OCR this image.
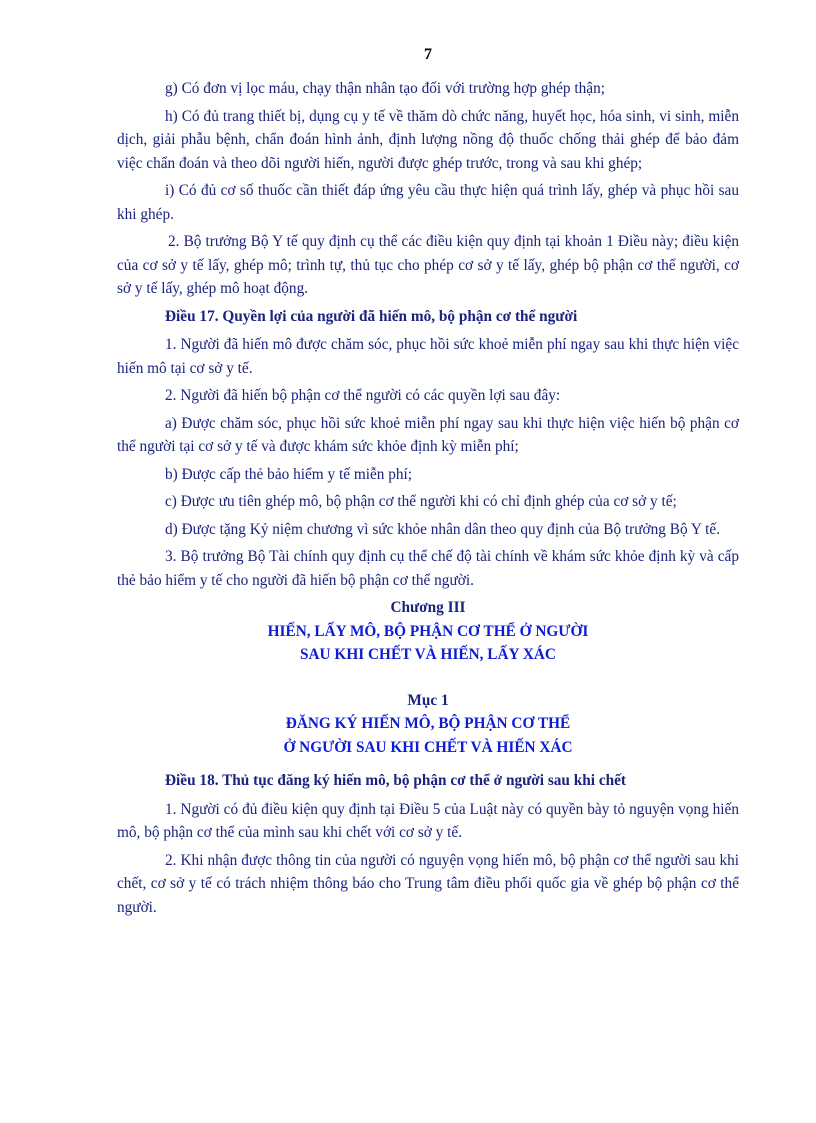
7

g) Có đơn vị lọc máu, chạy thận nhân tạo đối với trường hợp ghép thận;

h) Có đủ trang thiết bị, dụng cụ y tế về thăm dò chức năng, huyết học, hóa sinh, vi sinh, miễn dịch, giải phẫu bệnh, chẩn đoán hình ảnh, định lượng nồng độ thuốc chống thải ghép để bảo đảm việc chẩn đoán và theo dõi người hiến, người được ghép trước, trong và sau khi ghép;

i) Có đủ cơ số thuốc cần thiết đáp ứng yêu cầu thực hiện quá trình lấy, ghép và phục hồi sau khi ghép.

2. Bộ trưởng Bộ Y tế quy định cụ thể các điều kiện quy định tại khoản 1 Điều này; điều kiện của cơ sở y tế lấy, ghép mô; trình tự, thủ tục cho phép cơ sở y tế lấy, ghép bộ phận cơ thể người, cơ sở y tế lấy, ghép mô hoạt động.

Điều 17. Quyền lợi của người đã hiến mô, bộ phận cơ thể người

1. Người đã hiến mô được chăm sóc, phục hồi sức khoẻ miễn phí ngay sau khi thực hiện việc hiến mô tại cơ sở y tế.

2. Người đã hiến bộ phận cơ thể người có các quyền lợi sau đây:

a) Được chăm sóc, phục hồi sức khoẻ miễn phí ngay sau khi thực hiện việc hiến bộ phận cơ thể người tại cơ sở y tế và được khám sức khỏe định kỳ miễn phí;

b) Được cấp thẻ bảo hiểm y tế miễn phí;

c) Được ưu tiên ghép mô, bộ phận cơ thể người khi có chỉ định ghép của cơ sở y tế;

d) Được tặng Kỷ niệm chương vì sức khỏe nhân dân theo quy định của Bộ trưởng Bộ Y tế.

3. Bộ trưởng Bộ Tài chính quy định cụ thể chế độ tài chính về khám sức khỏe định kỳ và cấp thẻ bảo hiểm y tế cho người đã hiến bộ phận cơ thể người.

Chương III
HIẾN, LẤY MÔ, BỘ PHẬN CƠ THỂ Ở NGƯỜI
SAU KHI CHẾT VÀ HIẾN, LẤY XÁC
Mục 1
ĐĂNG KÝ HIẾN MÔ, BỘ PHẬN CƠ THỂ
Ở NGƯỜI SAU KHI CHẾT VÀ HIẾN XÁC

Điều 18. Thủ tục đăng ký hiến mô, bộ phận cơ thể ở người sau khi chết

1. Người có đủ điều kiện quy định tại Điều 5 của Luật này có quyền bày tỏ nguyện vọng hiến mô, bộ phận cơ thể của mình sau khi chết với cơ sở y tế.

2. Khi nhận được thông tin của người có nguyện vọng hiến mô, bộ phận cơ thể người sau khi chết, cơ sở y tế có trách nhiệm thông báo cho Trung tâm điều phối quốc gia về ghép bộ phận cơ thể người.
